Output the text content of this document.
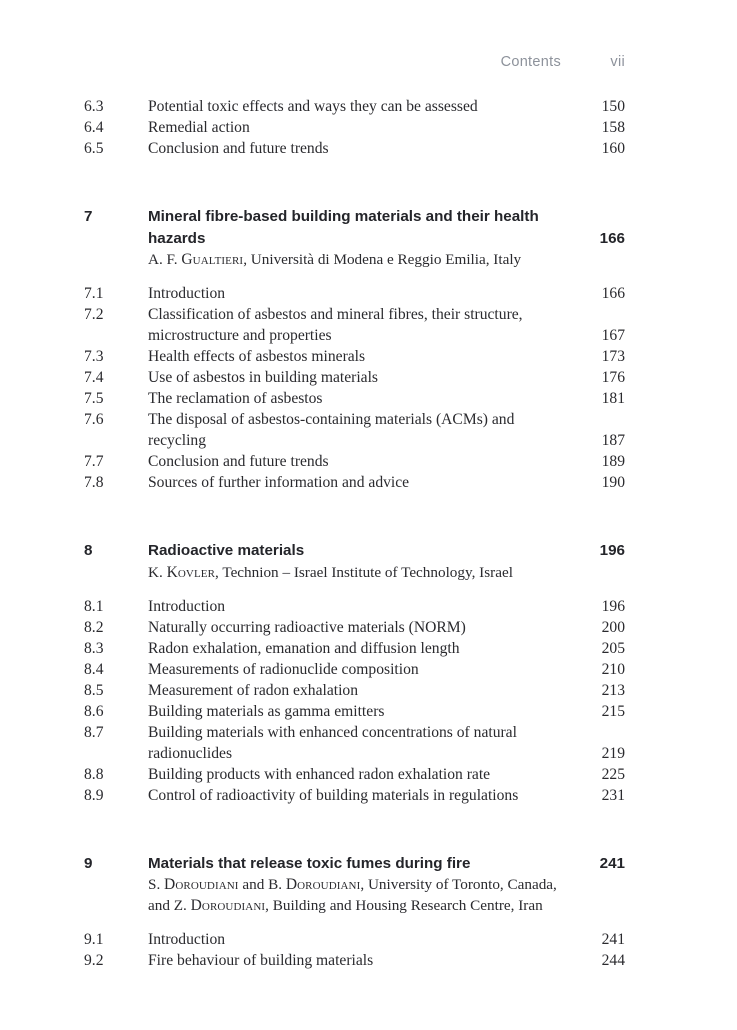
Contents	vii
6.3	Potential toxic effects and ways they can be assessed	150
6.4	Remedial action	158
6.5	Conclusion and future trends	160
7	Mineral fibre-based building materials and their health hazards	166
A. F. Gualtieri, Università di Modena e Reggio Emilia, Italy
7.1	Introduction	166
7.2	Classification of asbestos and mineral fibres, their structure, microstructure and properties	167
7.3	Health effects of asbestos minerals	173
7.4	Use of asbestos in building materials	176
7.5	The reclamation of asbestos	181
7.6	The disposal of asbestos-containing materials (ACMs) and recycling	187
7.7	Conclusion and future trends	189
7.8	Sources of further information and advice	190
8	Radioactive materials	196
K. Kovler, Technion – Israel Institute of Technology, Israel
8.1	Introduction	196
8.2	Naturally occurring radioactive materials (NORM)	200
8.3	Radon exhalation, emanation and diffusion length	205
8.4	Measurements of radionuclide composition	210
8.5	Measurement of radon exhalation	213
8.6	Building materials as gamma emitters	215
8.7	Building materials with enhanced concentrations of natural radionuclides	219
8.8	Building products with enhanced radon exhalation rate	225
8.9	Control of radioactivity of building materials in regulations	231
9	Materials that release toxic fumes during fire	241
S. Doroudiani and B. Doroudiani, University of Toronto, Canada, and Z. Doroudiani, Building and Housing Research Centre, Iran
9.1	Introduction	241
9.2	Fire behaviour of building materials	244
